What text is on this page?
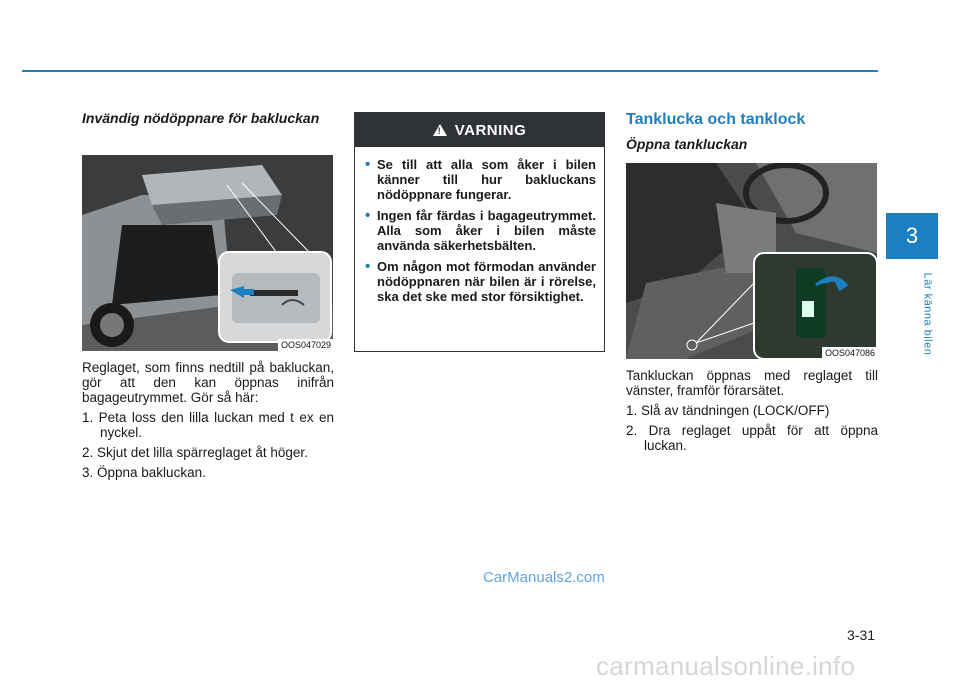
3
Lär känna bilen

Invändig nödöppnare för bakluckan

OOS047029

Reglaget, som finns nedtill på bakluckan, gör att den kan öppnas inifrån bagageutrymmet. Gör så här:

1. Peta loss den lilla luckan med t ex en nyckel.
2. Skjut det lilla spärreglaget åt höger.
3. Öppna bakluckan.
!
VARNING
• Se till att alla som åker i bilen känner till hur bakluckans nödöppnare fungerar.
• Ingen får färdas i bagageutrymmet. Alla som åker i bilen måste använda säkerhetsbälten.
• Om någon mot förmodan använder nödöppnaren när bilen är i rörelse, ska det ske med stor försiktighet.
Tanklucka och tanklock

Öppna tankluckan

OOS047086

Tankluckan öppnas med reglaget till vänster, framför förarsätet.

1. Slå av tändningen (LOCK/OFF)
2. Dra reglaget uppåt för att öppna luckan.
CarManuals2.com
3-31
carmanualsonline.info
